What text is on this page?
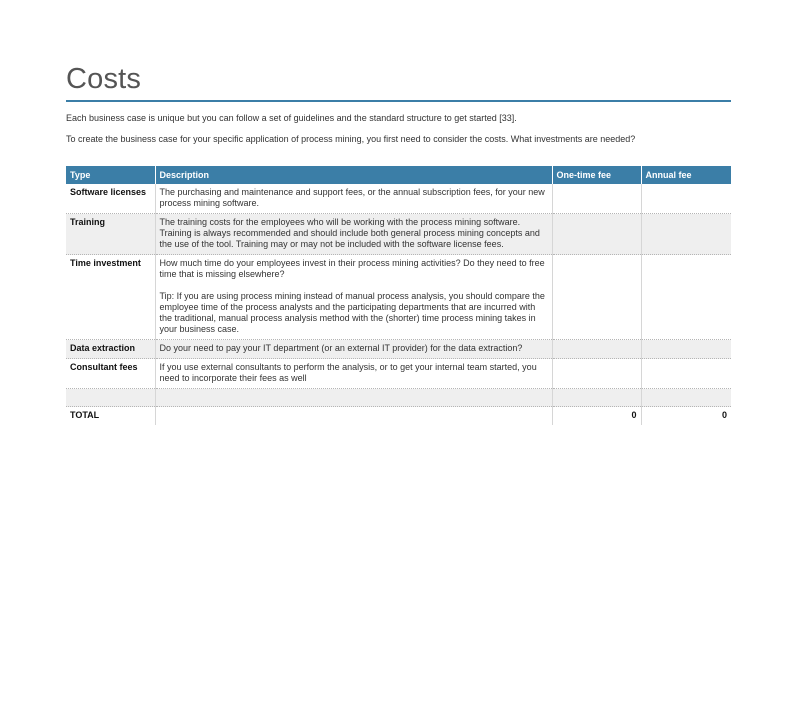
Costs
Each business case is unique but you can follow a set of guidelines and the standard structure to get started [33].
To create the business case for your specific application of process mining, you first need to consider the costs. What investments are needed?
Type	Description	One-time fee	Annual fee
Software licenses	The purchasing and maintenance and support fees, or the annual subscription fees, for your new process mining software.		
Training	The training costs for the employees who will be working with the process mining software. Training is always recommended and should include both general process mining concepts and the use of the tool. Training may or may not be included with the software license fees.		
Time investment	How much time do your employees invest in their process mining activities? Do they need to free time that is missing elsewhere?
Tip: If you are using process mining instead of manual process analysis, you should compare the employee time of the process analysts and the participating departments that are incurred with the traditional, manual process analysis method with the (shorter) time process mining takes in your business case.		
Data extraction	Do your need to pay your IT department (or an external IT provider) for the data extraction?		
Consultant fees	If you use external consultants to perform the analysis, or to get your internal team started, you need to incorporate their fees as well		

TOTAL		0	0
